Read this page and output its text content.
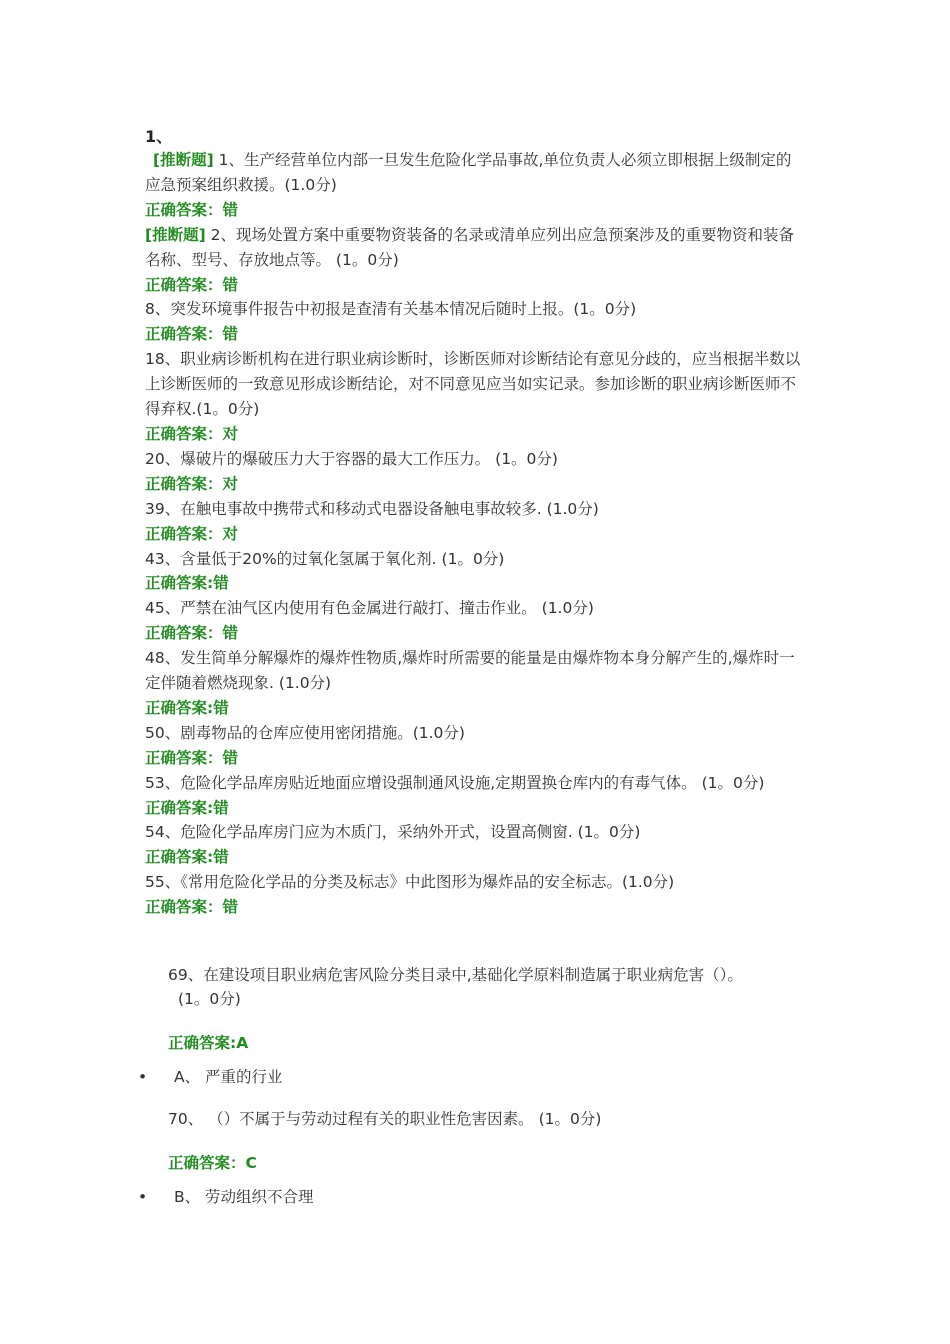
1、

[推断题] 1、生产经营单位内部一旦发生危险化学品事故,单位负责人必须立即根据上级制定的应急预案组织救援。(1.0分)

正确答案：错

[推断题] 2、现场处置方案中重要物资装备的名录或清单应列出应急预案涉及的重要物资和装备名称、型号、存放地点等。 (1。0分)

正确答案：错

8、突发环境事件报告中初报是查清有关基本情况后随时上报。(1。0分)

正确答案：错

18、职业病诊断机构在进行职业病诊断时，诊断医师对诊断结论有意见分歧的，应当根据半数以上诊断医师的一致意见形成诊断结论，对不同意见应当如实记录。参加诊断的职业病诊断医师不得弃权.(1。0分)

正确答案：对

20、爆破片的爆破压力大于容器的最大工作压力。 (1。0分)

正确答案：对

39、在触电事故中携带式和移动式电器设备触电事故较多. (1.0分)

正确答案：对

43、含量低于20%的过氧化氢属于氧化剂. (1。0分)

正确答案:错

45、严禁在油气区内使用有色金属进行敲打、撞击作业。 (1.0分)

正确答案：错

48、发生简单分解爆炸的爆炸性物质,爆炸时所需要的能量是由爆炸物本身分解产生的,爆炸时一定伴随着燃烧现象. (1.0分)

正确答案:错

50、剧毒物品的仓库应使用密闭措施。(1.0分)

正确答案：错

53、危险化学品库房贴近地面应增设强制通风设施,定期置换仓库内的有毒气体。 (1。0分)

正确答案:错

54、危险化学品库房门应为木质门，采纳外开式，设置高侧窗. (1。0分)

正确答案:错

55、《常用危险化学品的分类及标志》中此图形为爆炸品的安全标志。(1.0分)

正确答案：错

69、在建设项目职业病危害风险分类目录中,基础化学原料制造属于职业病危害（）。
(1。0分)

正确答案:A

• A、 严重的行业

70、 （）不属于与劳动过程有关的职业性危害因素。 (1。0分)

正确答案：C

• B、 劳动组织不合理
